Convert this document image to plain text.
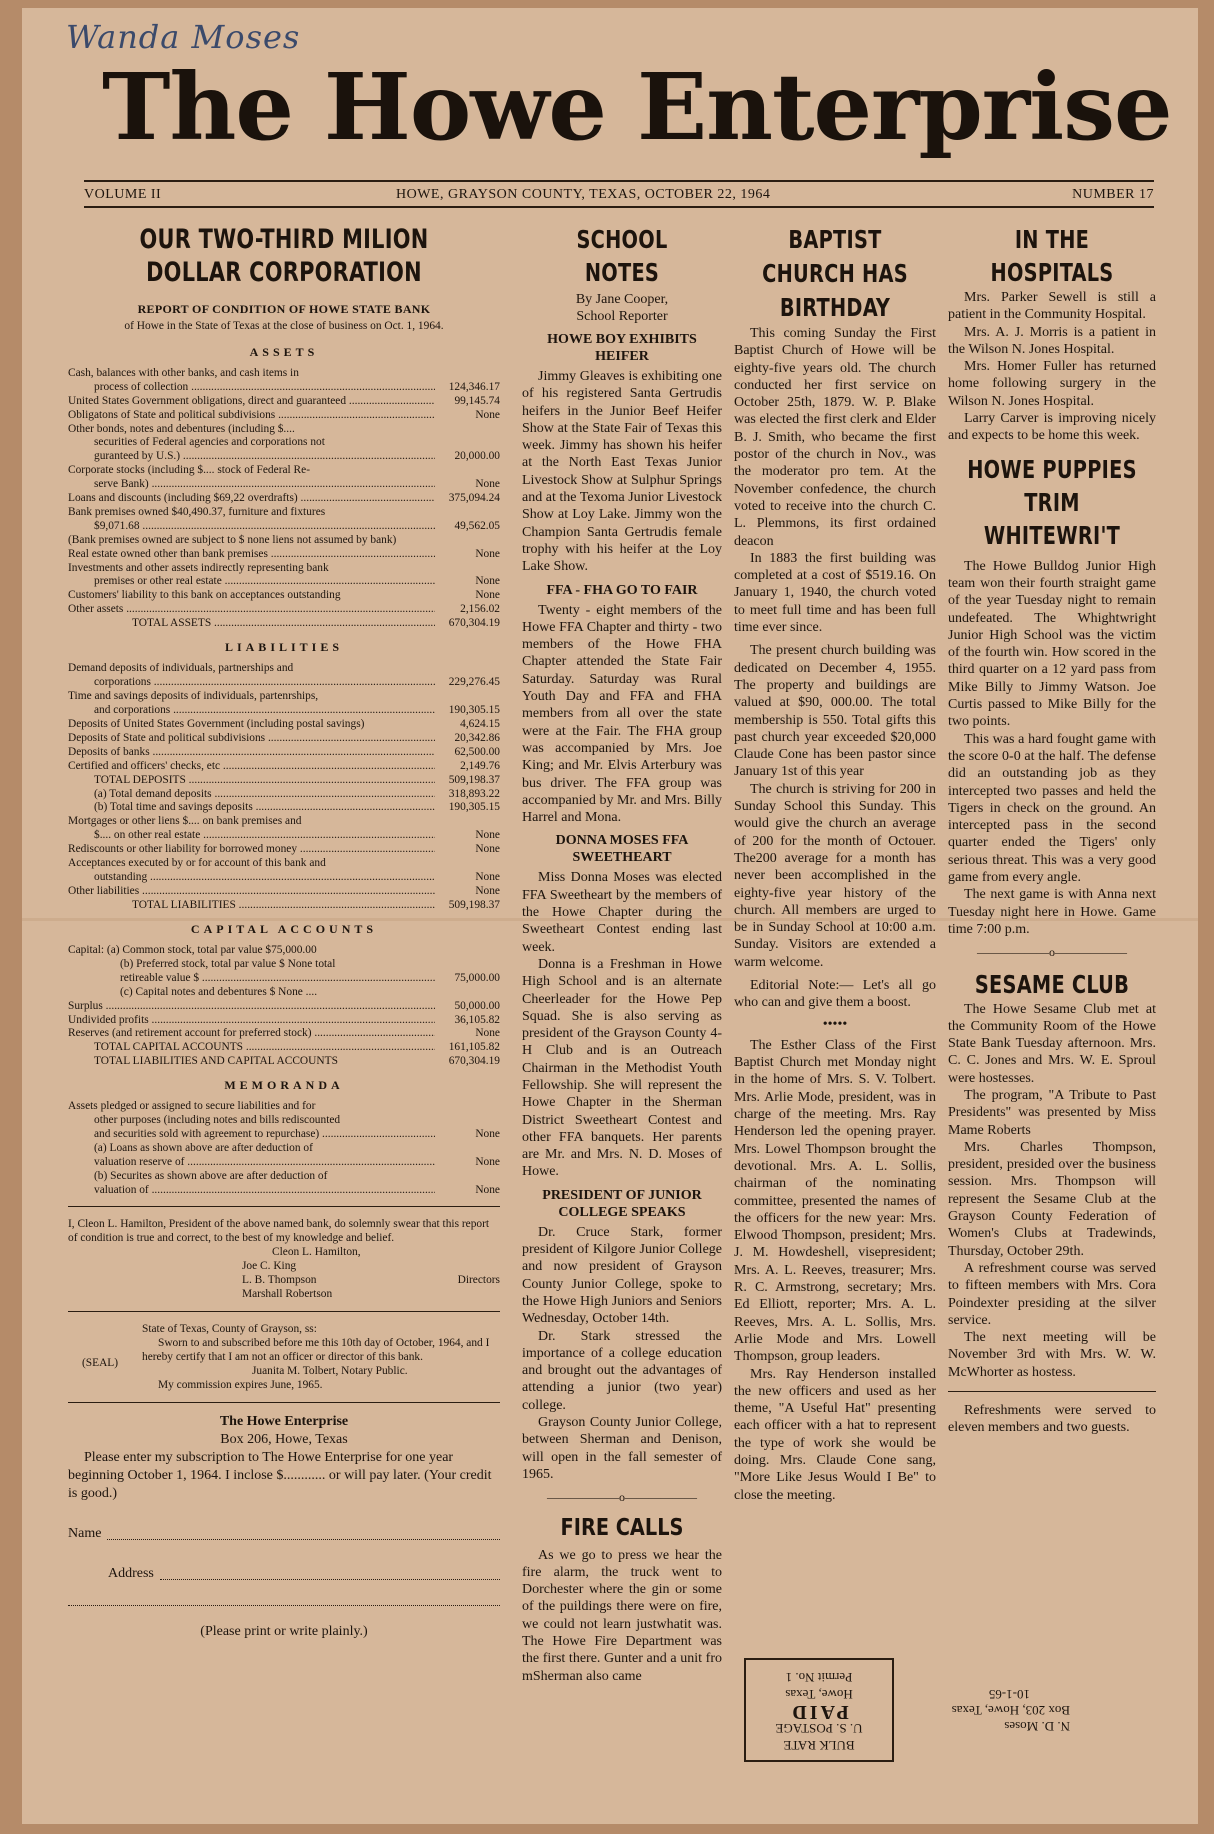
Wanda Moses
The Howe Enterprise
VOLUME II	HOWE, GRAYSON COUNTY, TEXAS, OCTOBER 22, 1964	NUMBER 17
OUR TWO-THIRD MILION DOLLAR CORPORATION
REPORT OF CONDITION OF HOWE STATE BANK
of Howe in the State of Texas at the close of business on Oct. 1, 1964.
ASSETS
Cash, balances with other banks, and cash items in
process of collection .....	124,346.17
United States Government obligations, direct and guaranteed .....	99,145.74
Obligatons of State and political subdivisions .....	None
Other bonds, notes and debentures (including $....
securities of Federal agencies and corporations not
guranteed by U.S.) .....	20,000.00
Corporate stocks (including $.... stock of Federal Re-
serve Bank) .....	None
Loans and discounts (including $69,22 overdrafts) .....	375,094.24
Bank premises owned $40,490.37, furniture and fixtures
$9,071.68 .....	49,562.05
(Bank premises owned are subject to $ none liens not assumed by bank)
Real estate owned other than bank premises .....	None
Investments and other assets indirectly representing bank
premises or other real estate .....	None
Customers' liability to this bank on acceptances outstanding	None
Other assets .....	2,156.02
TOTAL ASSETS .....	670,304.19
LIABILITIES
Demand deposits of individuals, partnerships and
corporations .....	229,276.45
Time and savings deposits of individuals, partenrships,
and corporations .....	190,305.15
Deposits of United States Government (including postal savings)	4,624.15
Deposits of State and political subdivisions .....	20,342.86
Deposits of banks .....	62,500.00
Certified and officers' checks, etc .....	2,149.76
TOTAL DEPOSITS .....	509,198.37
(a) Total demand deposits .....	318,893.22
(b) Total time and savings deposits .....	190,305.15
Mortgages or other liens $.... on bank premises and
$.... on other real estate .....	None
Rediscounts or other liability for borrowed money .....	None
Acceptances executed by or for account of this bank and
outstanding .....	None
Other liabilities .....	None
TOTAL LIABILITIES .....	509,198.37
CAPITAL ACCOUNTS
Capital: (a) Common stock, total par value $75,000.00
(b) Preferred stock, total par value $ None total
retireable value $ .....	75,000.00
(c) Capital notes and debentures $ None ....
Surplus .....	50,000.00
Undivided profits .....	36,105.82
Reserves (and retirement account for preferred stock) .....	None
TOTAL CAPITAL ACCOUNTS .....	161,105.82
TOTAL LIABILITIES AND CAPITAL ACCOUNTS	670,304.19
MEMORANDA
Assets pledged or assigned to secure liabilities and for
other purposes (including notes and bills rediscounted
and securities sold with agreement to repurchase) .....	None
(a) Loans as shown above are after deduction of
valuation reserve of .....	None
(b) Securites as shown above are after deduction of
valuation of .....	None

I, Cleon L. Hamilton, President of the above named bank, do solemnly swear that this report of condition is true and correct, to the best of my knowledge and belief.

Cleon L. Hamilton,
Joe C. King
L. B. Thompson
Marshall Robertson
Directors
(SEAL)
State of Texas, County of Grayson, ss:
Sworn to and subscribed before me this 10th day of October, 1964, and I hereby certify that I am not an officer or director of this bank.
Juanita M. Tolbert, Notary Public.
My commission expires June, 1965.
The Howe Enterprise
Box 206, Howe, Texas
Please enter my subscription to The Howe Enterprise for one year beginning October 1, 1964. I inclose $............ or will pay later. (Your credit is good.)
Name
Address
(Please print or write plainly.)
SCHOOL NOTES
By Jane Cooper,
School Reporter
HOWE BOY EXHIBITS HEIFER

Jimmy Gleaves is exhibiting one of his registered Santa Gertrudis heifers in the Junior Beef Heifer Show at the State Fair of Texas this week. Jimmy has shown his heifer at the North East Texas Junior Livestock Show at Sulphur Springs and at the Texoma Junior Livestock Show at Loy Lake. Jimmy won the Champion Santa Gertrudis female trophy with his heifer at the Loy Lake Show.

FFA - FHA GO TO FAIR

Twenty - eight members of the Howe FFA Chapter and thirty - two members of the Howe FHA Chapter attended the State Fair Saturday. Saturday was Rural Youth Day and FFA and FHA members from all over the state were at the Fair. The FHA group was accompanied by Mrs. Joe King; and Mr. Elvis Arterbury was bus driver. The FFA group was accompanied by Mr. and Mrs. Billy Harrel and Mona.

DONNA MOSES FFA SWEETHEART

Miss Donna Moses was elected FFA Sweetheart by the members of the Howe Chapter during the Sweetheart Contest ending last week.

Donna is a Freshman in Howe High School and is an alternate Cheerleader for the Howe Pep Squad. She is also serving as president of the Grayson County 4-H Club and is an Outreach Chairman in the Methodist Youth Fellowship. She will represent the Howe Chapter in the Sherman District Sweetheart Contest and other FFA banquets. Her parents are Mr. and Mrs. N. D. Moses of Howe.

PRESIDENT OF JUNIOR COLLEGE SPEAKS

Dr. Cruce Stark, former president of Kilgore Junior College and now president of Grayson County Junior College, spoke to the Howe High Juniors and Seniors Wednesday, October 14th.

Dr. Stark stressed the importance of a college education and brought out the advantages of attending a junior (two year) college.

Grayson County Junior College, between Sherman and Denison, will open in the fall semester of 1965.

——————o——————
FIRE CALLS

As we go to press we hear the fire alarm, the truck went to Dorchester where the gin or some of the puildings there were on fire, we could not learn justwhatit was. The Howe Fire Department was the first there. Gunter and a unit fro mSherman also came

BAPTIST CHURCH HAS BIRTHDAY

This coming Sunday the First Baptist Church of Howe will be eighty-five years old. The church conducted her first service on October 25th, 1879. W. P. Blake was elected the first clerk and Elder B. J. Smith, who became the first postor of the church in Nov., was the moderator pro tem. At the November confedence, the church voted to receive into the church C. L. Plemmons, its first ordained deacon

In 1883 the first building was completed at a cost of $519.16. On January 1, 1940, the church voted to meet full time and has been full time ever since.

The present church building was dedicated on December 4, 1955. The property and buildings are valued at $90, 000.00. The total membership is 550. Total gifts this past church year exceeded $20,000 Claude Cone has been pastor since January 1st of this year

The church is striving for 200 in Sunday School this Sunday. This would give the church an average of 200 for the month of Octouer. The200 average for a month has never been accomplished in the eighty-five year history of the church. All members are urged to be in Sunday School at 10:00 a.m. Sunday. Visitors are extended a warm welcome.

Editorial Note:— Let's all go who can and give them a boost.

•••••

The Esther Class of the First Baptist Church met Monday night in the home of Mrs. S. V. Tolbert. Mrs. Arlie Mode, president, was in charge of the meeting. Mrs. Ray Henderson led the opening prayer. Mrs. Lowel Thompson brought the devotional. Mrs. A. L. Sollis, chairman of the nominating committee, presented the names of the officers for the new year: Mrs. Elwood Thompson, president; Mrs. J. M. Howdeshell, visepresident; Mrs. A. L. Reeves, treasurer; Mrs. R. C. Armstrong, secretary; Mrs. Ed Elliott, reporter; Mrs. A. L. Reeves, Mrs. A. L. Sollis, Mrs. Arlie Mode and Mrs. Lowell Thompson, group leaders.

Mrs. Ray Henderson installed the new officers and used as her theme, "A Useful Hat" presenting each officer with a hat to represent the type of work she would be doing. Mrs. Claude Cone sang, "More Like Jesus Would I Be" to close the meeting.

IN THE HOSPITALS

Mrs. Parker Sewell is still a patient in the Community Hospital.

Mrs. A. J. Morris is a patient in the Wilson N. Jones Hospital.

Mrs. Homer Fuller has returned home following surgery in the Wilson N. Jones Hospital.

Larry Carver is improving nicely and expects to be home this week.

HOWE PUPPIES TRIM WHITEWRI'T

The Howe Bulldog Junior High team won their fourth straight game of the year Tuesday night to remain undefeated. The Whightwright Junior High School was the victim of the fourth win. How scored in the third quarter on a 12 yard pass from Mike Billy to Jimmy Watson. Joe Curtis passed to Mike Billy for the two points.

This was a hard fought game with the score 0-0 at the half. The defense did an outstanding job as they intercepted two passes and held the Tigers in check on the ground. An intercepted pass in the second quarter ended the Tigers' only serious threat. This was a very good game from every angle.

The next game is with Anna next Tuesday night here in Howe. Game time 7:00 p.m.

——————o——————
SESAME CLUB

The Howe Sesame Club met at the Community Room of the Howe State Bank Tuesday afternoon. Mrs. C. C. Jones and Mrs. W. E. Sproul were hostesses.

The program, "A Tribute to Past Presidents" was presented by Miss Mame Roberts

Mrs. Charles Thompson, president, presided over the business session. Mrs. Thompson will represent the Sesame Club at the Grayson County Federation of Women's Clubs at Tradewinds, Thursday, October 29th.

A refreshment course was served to fifteen members with Mrs. Cora Poindexter presiding at the silver service.

The next meeting will be November 3rd with Mrs. W. W. McWhorter as hostess.

Refreshments were served to eleven members and two guests.

BULK RATE
U. S. POSTAGE
PAID
Howe, Texas
Permit No. 1
N. D. Moses
Box 203, Howe, Texas
10-1-65
